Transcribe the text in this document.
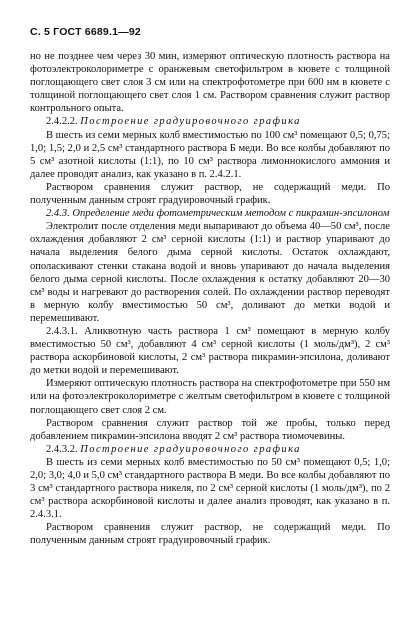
С. 5 ГОСТ 6689.1—92

но не позднее чем через 30 мин, измеряют оптическую плотность раствора на фотоэлектроколориметре с оранжевым светофильтром в кювете с толщиной поглощающего свет слоя 3 см или на спектрофотометре при 600 нм в кювете с толщиной поглощающего свет слоя 1 см. Раствором сравнения служит раствор контрольного опыта.

2.4.2.2. Построение градуировочного графика

В шесть из семи мерных колб вместимостью по 100 см³ помещают 0,5; 0,75; 1,0; 1,5; 2,0 и 2,5 см³ стандартного раствора Б меди. Во все колбы добавляют по 5 см³ азотной кислоты (1:1), по 10 см³ раствора лимоннокислого аммония и далее проводят анализ, как указано в п. 2.4.2.1.

Раствором сравнения служит раствор, не содержащий меди. По полученным данным строят градуировочный график.

2.4.3. Определение меди фотометрическим методом с пикрамин-эпсилоном

Электролит после отделения меди выпаривают до объема 40—50 см³, после охлаждения добавляют 2 см³ серной кислоты (1:1) и раствор упаривают до начала выделения белого дыма серной кислоты. Остаток охлаждают, ополаскивают стенки стакана водой и вновь упаривают до начала выделения белого дыма серной кислоты. После охлаждения к остатку добавляют 20—30 см³ воды и нагревают до растворения солей. По охлаждении раствор переводят в мерную колбу вместимостью 50 см³, доливают до метки водой и перемешивают.

2.4.3.1. Аликвотную часть раствора 1 см³ помещают в мерную колбу вместимостью 50 см³, добавляют 4 см³ серной кислоты (1 моль/дм³), 2 см³ раствора аскорбиновой кислоты, 2 см³ раствора пикрамин-эпсилона, доливают до метки водой и перемешивают.

Измеряют оптическую плотность раствора на спектрофотометре при 550 нм или на фотоэлектроколориметре с желтым светофильтром в кювете с толщиной поглощающего свет слоя 2 см.

Раствором сравнения служит раствор той же пробы, только перед добавлением пикрамин-эпсилона вводят 2 см³ раствора тиомочевины.

2.4.3.2. Построение градуировочного графика

В шесть из семи мерных колб вместимостью по 50 см³ помещают 0,5; 1,0; 2,0; 3,0; 4,0 и 5,0 см³ стандартного раствора В меди. Во все колбы добавляют по 3 см³ стандартного раствора никеля, по 2 см³ серной кислоты (1 моль/дм³), по 2 см³ раствора аскорбиновой кислоты и далее анализ проводят, как указано в п. 2.4.3.1.

Раствором сравнения служит раствор, не содержащий меди. По полученным данным строят градуировочный график.
